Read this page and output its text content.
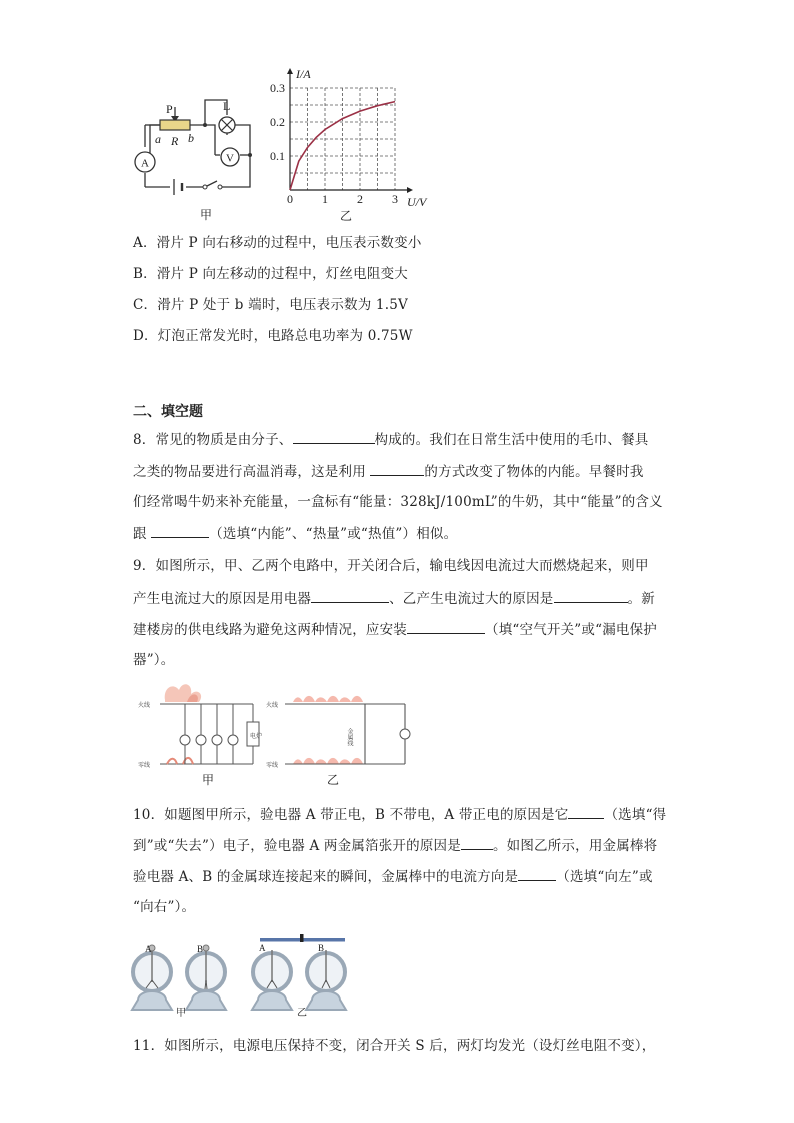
V
A
P	L
a R b
甲
0 1 2 3
0.1
0.2
0.3
I/A
U/V
乙
A．滑片 P 向右移动的过程中，电压表示数变小
B．滑片 P 向左移动的过程中，灯丝电阻变大
C．滑片 P 处于 b 端时，电压表示数为 1.5V
D．灯泡正常发光时，电路总电功率为 0.75W
二、填空题
8．常见的物质是由分子、	构成的。我们在日常生活中使用的毛巾、餐具
之类的物品要进行高温消毒，这是利用	的方式改变了物体的内能。早餐时我
们经常喝牛奶来补充能量，一盒标有“能量：328kJ/100mL”的牛奶，其中“能量”的含义
跟	（选填“内能”、“热量”或“热值”）相似。
9．如图所示，甲、乙两个电路中，开关闭合后，输电线因电流过大而燃烧起来，则甲
产生电流过大的原因是用电器	、乙产生电流过大的原因是	。新
建楼房的供电线路为避免这两种情况，应安装	（填“空气开关”或“漏电保护
器”）。
火线
零线
电炉
甲
火线
零线
金属线
乙
10．如题图甲所示，验电器 A 带正电，B 不带电，A 带正电的原因是它	（选填“得
到”或“失去”）电子，验电器 A 两金属箔张开的原因是 。如图乙所示，用金属棒将
验电器 A、B 的金属球连接起来的瞬间，金属棒中的电流方向是	（选填“向左”或
“向右”）。
A	B
甲
A	B
乙
11．如图所示，电源电压保持不变，闭合开关 S 后，两灯均发光（设灯丝电阻不变），
